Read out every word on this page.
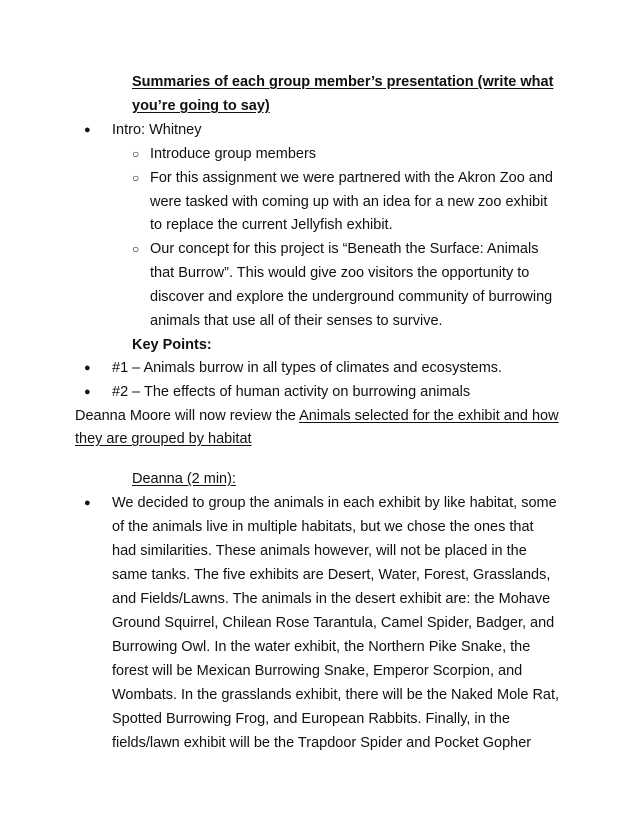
Summaries of each group member’s presentation (write what
you’re going to say)
● Intro: Whitney
○ Introduce group members
○ For this assignment we were partnered with the Akron Zoo and
were tasked with coming up with an idea for a new zoo exhibit
to replace the current Jellyfish exhibit.
○ Our concept for this project is “Beneath the Surface: Animals
that Burrow”. This would give zoo visitors the opportunity to
discover and explore the underground community of burrowing
animals that use all of their senses to survive.
Key Points:
● #1 – Animals burrow in all types of climates and ecosystems.
● #2 – The effects of human activity on burrowing animals
Deanna Moore will now review the Animals selected for the exhibit and how
they are grouped by habitat
Deanna (2 min):
● We decided to group the animals in each exhibit by like habitat, some
of the animals live in multiple habitats, but we chose the ones that
had similarities. These animals however, will not be placed in the
same tanks. The five exhibits are Desert, Water, Forest, Grasslands,
and Fields/Lawns. The animals in the desert exhibit are: the Mohave
Ground Squirrel, Chilean Rose Tarantula, Camel Spider, Badger, and
Burrowing Owl. In the water exhibit, the Northern Pike Snake, the
forest will be Mexican Burrowing Snake, Emperor Scorpion, and
Wombats. In the grasslands exhibit, there will be the Naked Mole Rat,
Spotted Burrowing Frog, and European Rabbits. Finally, in the
fields/lawn exhibit will be the Trapdoor Spider and Pocket Gopher
